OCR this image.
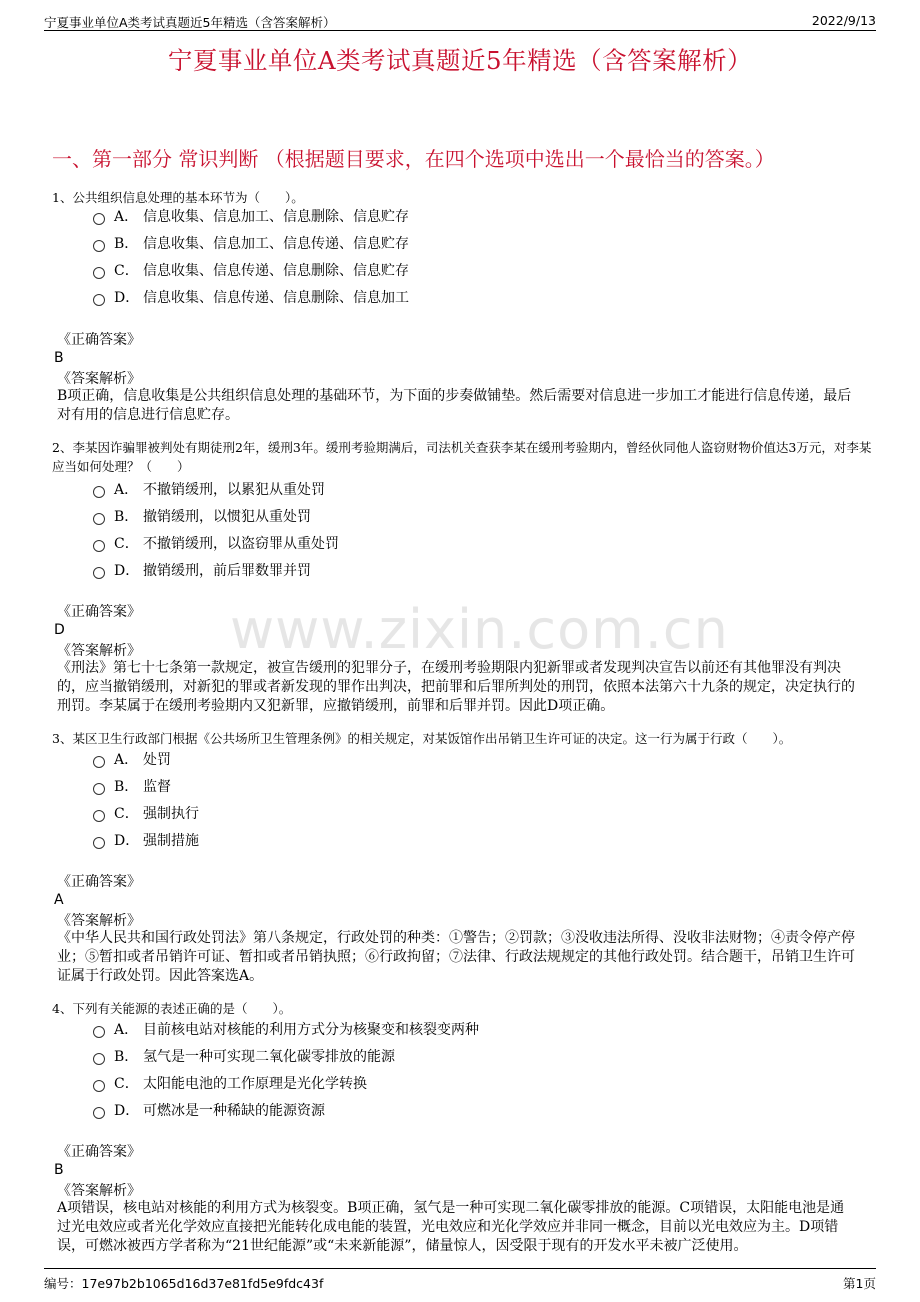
宁夏事业单位A类考试真题近5年精选（含答案解析）	2022/9/13
宁夏事业单位A类考试真题近5年精选（含答案解析）
一、第一部分 常识判断 （根据题目要求，在四个选项中选出一个最恰当的答案。）
www.zixin.com.cn
1、公共组织信息处理的基本环节为（　　）。
A． 信息收集、信息加工、信息删除、信息贮存
B． 信息收集、信息加工、信息传递、信息贮存
C． 信息收集、信息传递、信息删除、信息贮存
D． 信息收集、信息传递、信息删除、信息加工
《正确答案》
B
《答案解析》
B项正确，信息收集是公共组织信息处理的基础环节，为下面的步奏做铺垫。然后需要对信息进一步加工才能进行信息传递，最后对有用的信息进行信息贮存。
2、李某因诈骗罪被判处有期徒刑2年，缓刑3年。缓刑考验期满后，司法机关查获李某在缓刑考验期内，曾经伙同他人盗窃财物价值达3万元，对李某应当如何处理？（　　）
A． 不撤销缓刑，以累犯从重处罚
B． 撤销缓刑，以惯犯从重处罚
C． 不撤销缓刑，以盗窃罪从重处罚
D． 撤销缓刑，前后罪数罪并罚
《正确答案》
D
《答案解析》
《刑法》第七十七条第一款规定，被宣告缓刑的犯罪分子，在缓刑考验期限内犯新罪或者发现判决宣告以前还有其他罪没有判决的，应当撤销缓刑，对新犯的罪或者新发现的罪作出判决，把前罪和后罪所判处的刑罚，依照本法第六十九条的规定，决定执行的刑罚。李某属于在缓刑考验期内又犯新罪，应撤销缓刑，前罪和后罪并罚。因此D项正确。
3、某区卫生行政部门根据《公共场所卫生管理条例》的相关规定，对某饭馆作出吊销卫生许可证的决定。这一行为属于行政（　　）。
A． 处罚
B． 监督
C． 强制执行
D． 强制措施
《正确答案》
A
《答案解析》
《中华人民共和国行政处罚法》第八条规定，行政处罚的种类：①警告；②罚款；③没收违法所得、没收非法财物；④责令停产停业；⑤暂扣或者吊销许可证、暂扣或者吊销执照；⑥行政拘留；⑦法律、行政法规规定的其他行政处罚。结合题干，吊销卫生许可证属于行政处罚。因此答案选A。
4、下列有关能源的表述正确的是（　　）。
A． 目前核电站对核能的利用方式分为核聚变和核裂变两种
B． 氢气是一种可实现二氧化碳零排放的能源
C． 太阳能电池的工作原理是光化学转换
D． 可燃冰是一种稀缺的能源资源
《正确答案》
B
《答案解析》
A项错误，核电站对核能的利用方式为核裂变。B项正确，氢气是一种可实现二氧化碳零排放的能源。C项错误，太阳能电池是通过光电效应或者光化学效应直接把光能转化成电能的装置，光电效应和光化学效应并非同一概念，目前以光电效应为主。D项错误，可燃冰被西方学者称为“21世纪能源”或“未来新能源”，储量惊人，因受限于现有的开发水平未被广泛使用。
编号：17e97b2b1065d16d37e81fd5e9fdc43f	第1页
